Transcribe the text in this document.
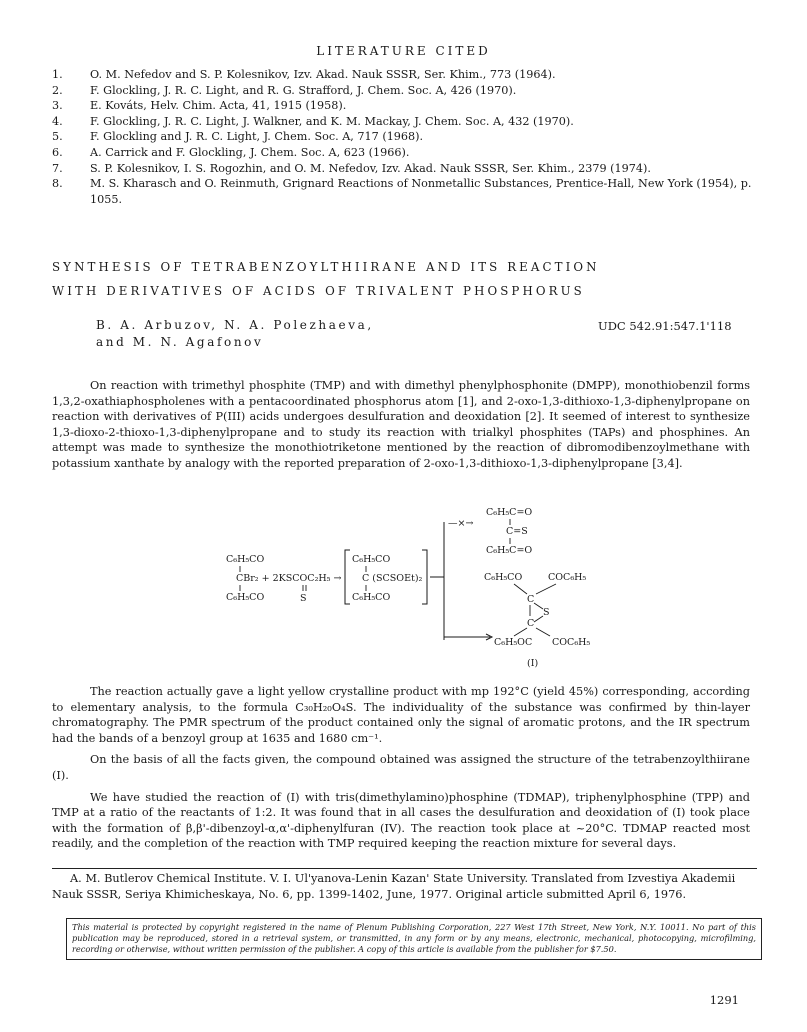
LITERATURE CITED
1.	O. M. Nefedov and S. P. Kolesnikov, Izv. Akad. Nauk SSSR, Ser. Khim., 773 (1964).
2.	F. Glockling, J. R. C. Light, and R. G. Strafford, J. Chem. Soc. A, 426 (1970).
3.	E. Kováts, Helv. Chim. Acta, 41, 1915 (1958).
4.	F. Glockling, J. R. C. Light, J. Walkner, and K. M. Mackay, J. Chem. Soc. A, 432 (1970).
5.	F. Glockling and J. R. C. Light, J. Chem. Soc. A, 717 (1968).
6.	A. Carrick and F. Glockling, J. Chem. Soc. A, 623 (1966).
7.	S. P. Kolesnikov, I. S. Rogozhin, and O. M. Nefedov, Izv. Akad. Nauk SSSR, Ser. Khim., 2379 (1974).
8.	M. S. Kharasch and O. Reinmuth, Grignard Reactions of Nonmetallic Substances, Prentice-Hall, New York (1954), p. 1055.
SYNTHESIS OF TETRABENZOYLTHIIRANE AND ITS REACTION
WITH DERIVATIVES OF ACIDS OF TRIVALENT PHOSPHORUS
B. A. Arbuzov, N. A. Polezhaeva,
and M. N. Agafonov
UDC 542.91:547.1'118

On reaction with trimethyl phosphite (TMP) and with dimethyl phenylphosphonite (DMPP), monothiobenzil forms 1,3,2-oxathiaphospholenes with a pentacoordinated phosphorus atom [1], and 2-oxo-1,3-dithioxo-1,3-diphenylpropane on reaction with derivatives of P(III) acids undergoes desulfuration and deoxidation [2]. It seemed of interest to synthesize 1,3-dioxo-2-thioxo-1,3-diphenylpropane and to study its reaction with trialkyl phosphites (TAPs) and phosphines. An attempt was made to synthesize the monothiotriketone mentioned by the reaction of dibromodibenzoylmethane with potassium xanthate by analogy with the reported preparation of 2-oxo-1,3-dithioxo-1,3-diphenylpropane [3,4].

C₆H₅CO
CBr₂ + 2KSCOC₂H₅ →
C₆H₅CO	S
C₆H₅CO
C (SCSOEt)₂
C₆H₅CO
—×→
C₆H₅C=O
C=S
C₆H₅C=O
C₆H₅CO	COC₆H₅
C
S
C
C₆H₅OC COC₆H₅
(I)

The reaction actually gave a light yellow crystalline product with mp 192°C (yield 45%) corresponding, according to elementary analysis, to the formula C₃₀H₂₀O₄S. The individuality of the substance was confirmed by thin-layer chromatography. The PMR spectrum of the product contained only the signal of aromatic protons, and the IR spectrum had the bands of a benzoyl group at 1635 and 1680 cm⁻¹.

On the basis of all the facts given, the compound obtained was assigned the structure of the tetrabenzoylthiirane (I).

We have studied the reaction of (I) with tris(dimethylamino)phosphine (TDMAP), triphenylphosphine (TPP) and TMP at a ratio of the reactants of 1:2. It was found that in all cases the desulfuration and deoxidation of (I) took place with the formation of β,β'-dibenzoyl-α,α'-diphenylfuran (IV). The reaction took place at ~20°C. TDMAP reacted most readily, and the completion of the reaction with TMP required keeping the reaction mixture for several days.

A. M. Butlerov Chemical Institute. V. I. Ul'yanova-Lenin Kazan' State University. Translated from Izvestiya Akademii Nauk SSSR, Seriya Khimicheskaya, No. 6, pp. 1399-1402, June, 1977. Original article submitted April 6, 1976.
This material is protected by copyright registered in the name of Plenum Publishing Corporation, 227 West 17th Street, New York, N.Y. 10011. No part of this publication may be reproduced, stored in a retrieval system, or transmitted, in any form or by any means, electronic, mechanical, photocopying, microfilming, recording or otherwise, without written permission of the publisher. A copy of this article is available from the publisher for $7.50.
1291
